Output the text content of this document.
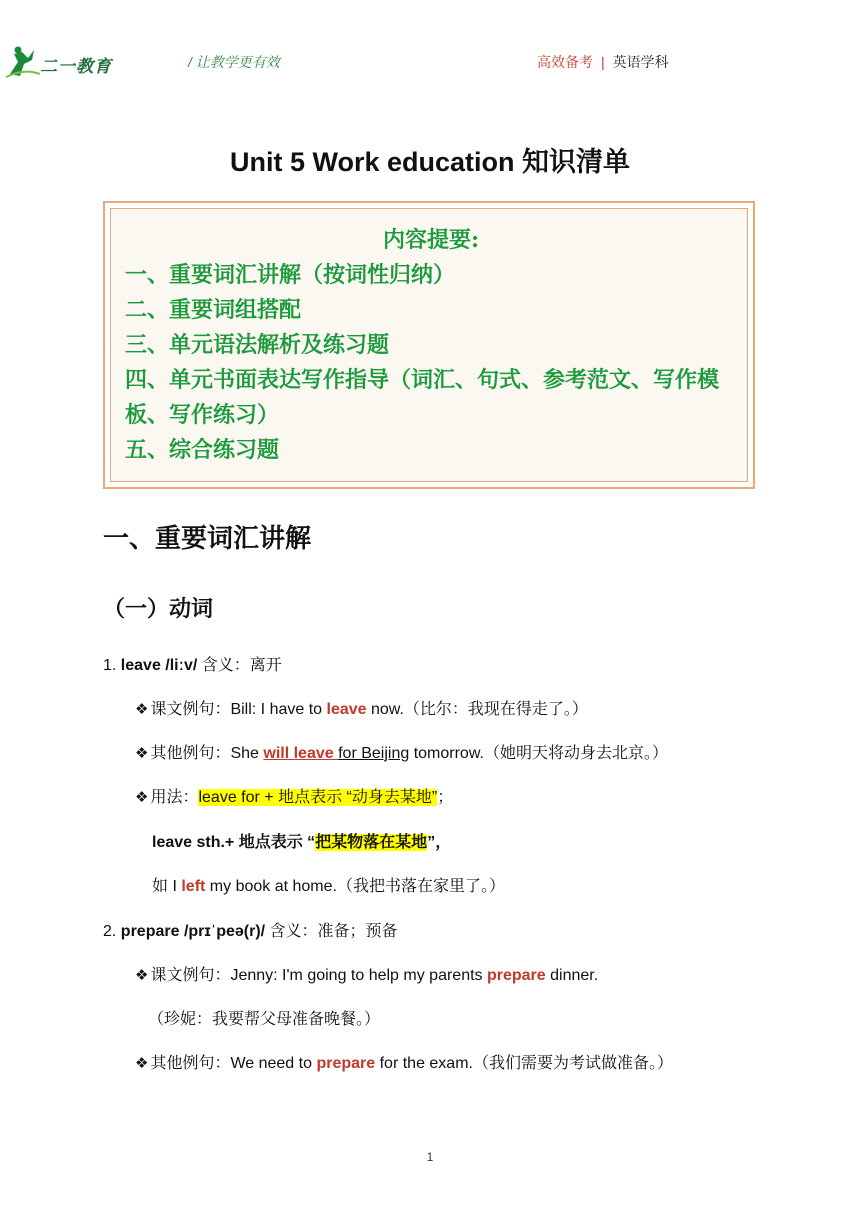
二一教育	/ 让教学更有效	高效备考 | 英语学科
Unit 5 Work education 知识清单
内容提要:
一、重要词汇讲解（按词性归纳）
二、重要词组搭配
三、单元语法解析及练习题
四、单元书面表达写作指导（词汇、句式、参考范文、写作模板、写作练习）
五、综合练习题
一、重要词汇讲解
（一）动词
1. leave /liːv/ 含义：离开
❖ 课文例句：Bill: I have to leave now.（比尔：我现在得走了。）
❖ 其他例句：She will leave for Beijing tomorrow.（她明天将动身去北京。）
❖ 用法：leave for + 地点表示 “动身去某地”；
leave sth.+ 地点表示 “把某物落在某地”，
如 I left my book at home.（我把书落在家里了。）
2. prepare /prɪˈpeə(r)/ 含义：准备；预备
❖ 课文例句：Jenny: I'm going to help my parents prepare dinner.
（珍妮：我要帮父母准备晚餐。）
❖ 其他例句：We need to prepare for the exam.（我们需要为考试做准备。）
1
